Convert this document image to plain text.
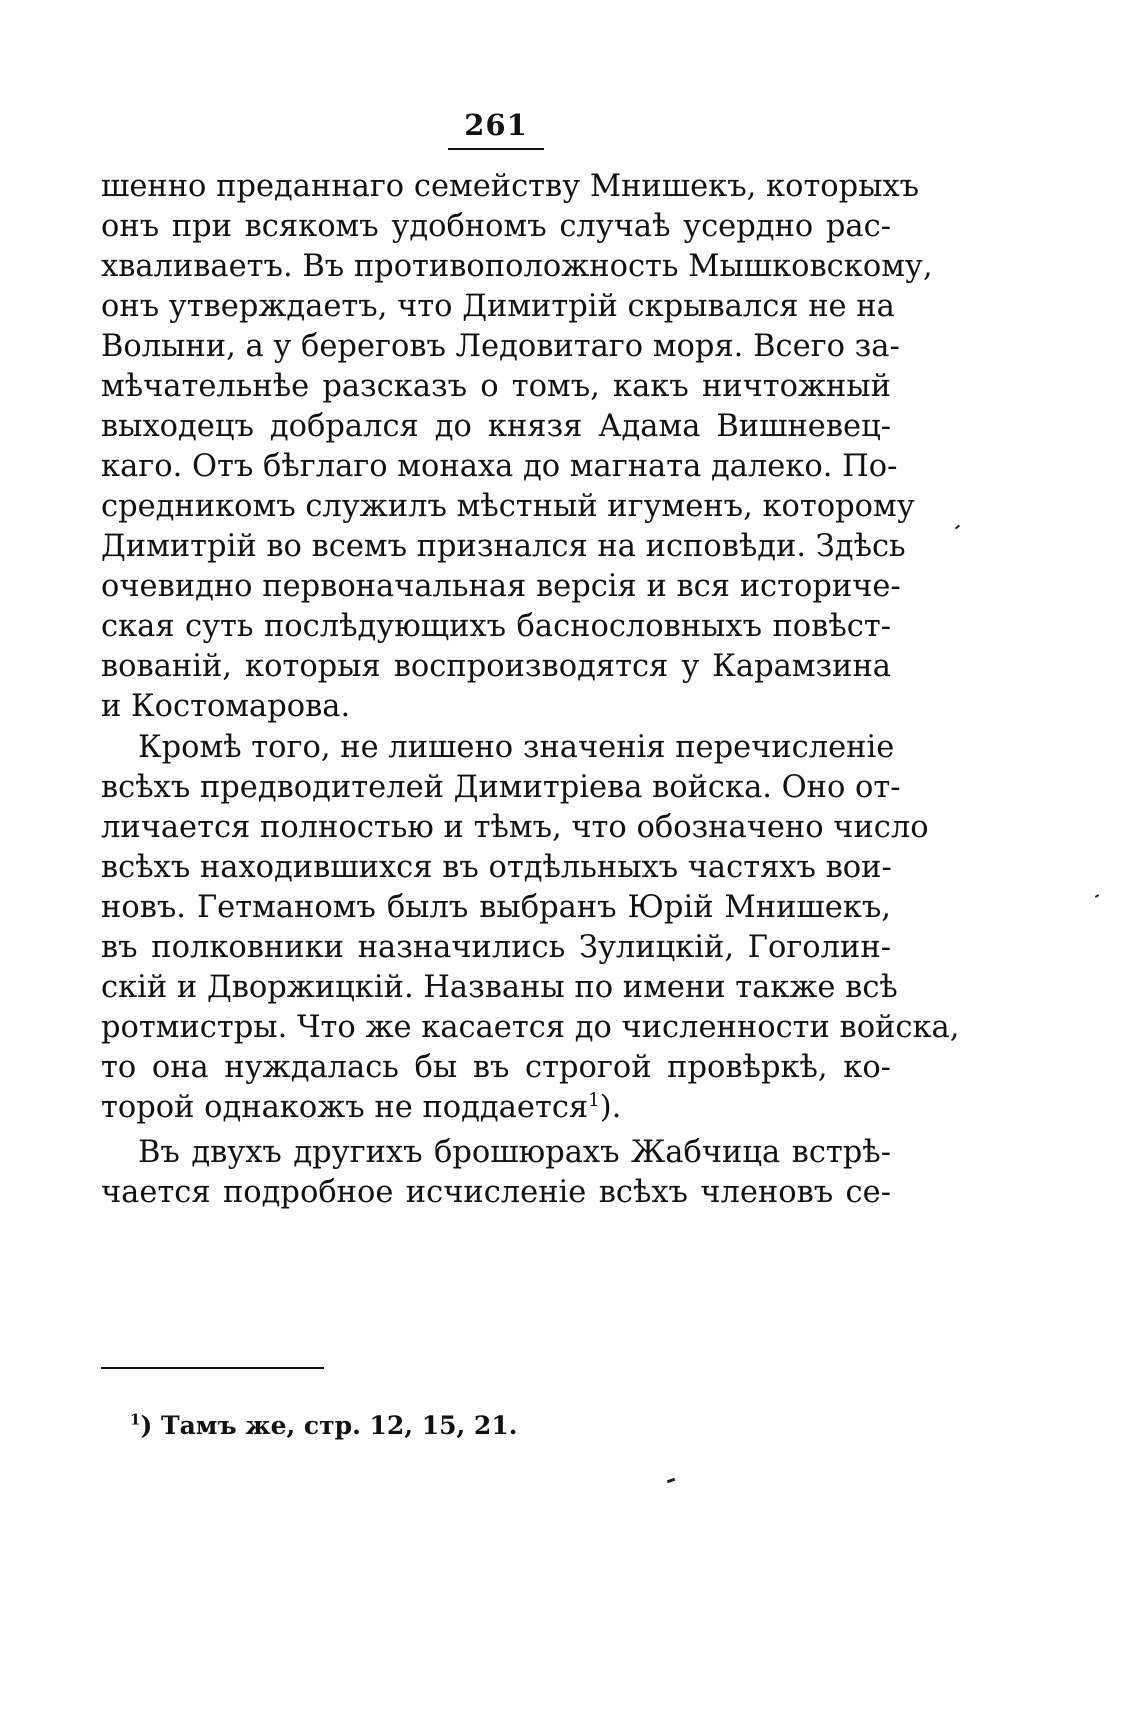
261
шенно преданнаго семейству Мнишекъ, которыхъ
онъ при всякомъ удобномъ случаѣ усердно рас-
хваливаетъ. Въ противоположность Мышковскому,
онъ утверждаетъ, что Димитрій скрывался не на
Волыни, а у береговъ Ледовитаго моря. Всего за-
мѣчательнѣе разсказъ о томъ, какъ ничтожный
выходецъ добрался до князя Адама Вишневец-
каго. Отъ бѣглаго монаха до магната далеко. По-
средникомъ служилъ мѣстный игуменъ, которому
Димитрій во всемъ признался на исповѣди. Здѣсь
очевидно первоначальная версія и вся историче-
ская суть послѣдующихъ баснословныхъ повѣст-
вованій, которыя воспроизводятся у Карамзина
и Костомарова.
Кромѣ того, не лишено значенія перечисленіе
всѣхъ предводителей Димитріева войска. Оно от-
личается полностью и тѣмъ, что обозначено число
всѣхъ находившихся въ отдѣльныхъ частяхъ вои-
новъ. Гетманомъ былъ выбранъ Юрій Мнишекъ,
въ полковники назначились Зулицкій, Гоголин-
скій и Дворжицкій. Названы по имени также всѣ
ротмистры. Что же касается до численности войска,
то она нуждалась бы въ строгой провѣркѣ, ко-
торой однакожъ не поддается$^1$).
Въ двухъ другихъ брошюрахъ Жабчица встрѣ-
чается подробное исчисленіе всѣхъ членовъ се-
$^1$) Тамъ же, стр. 12, 15, 21.
